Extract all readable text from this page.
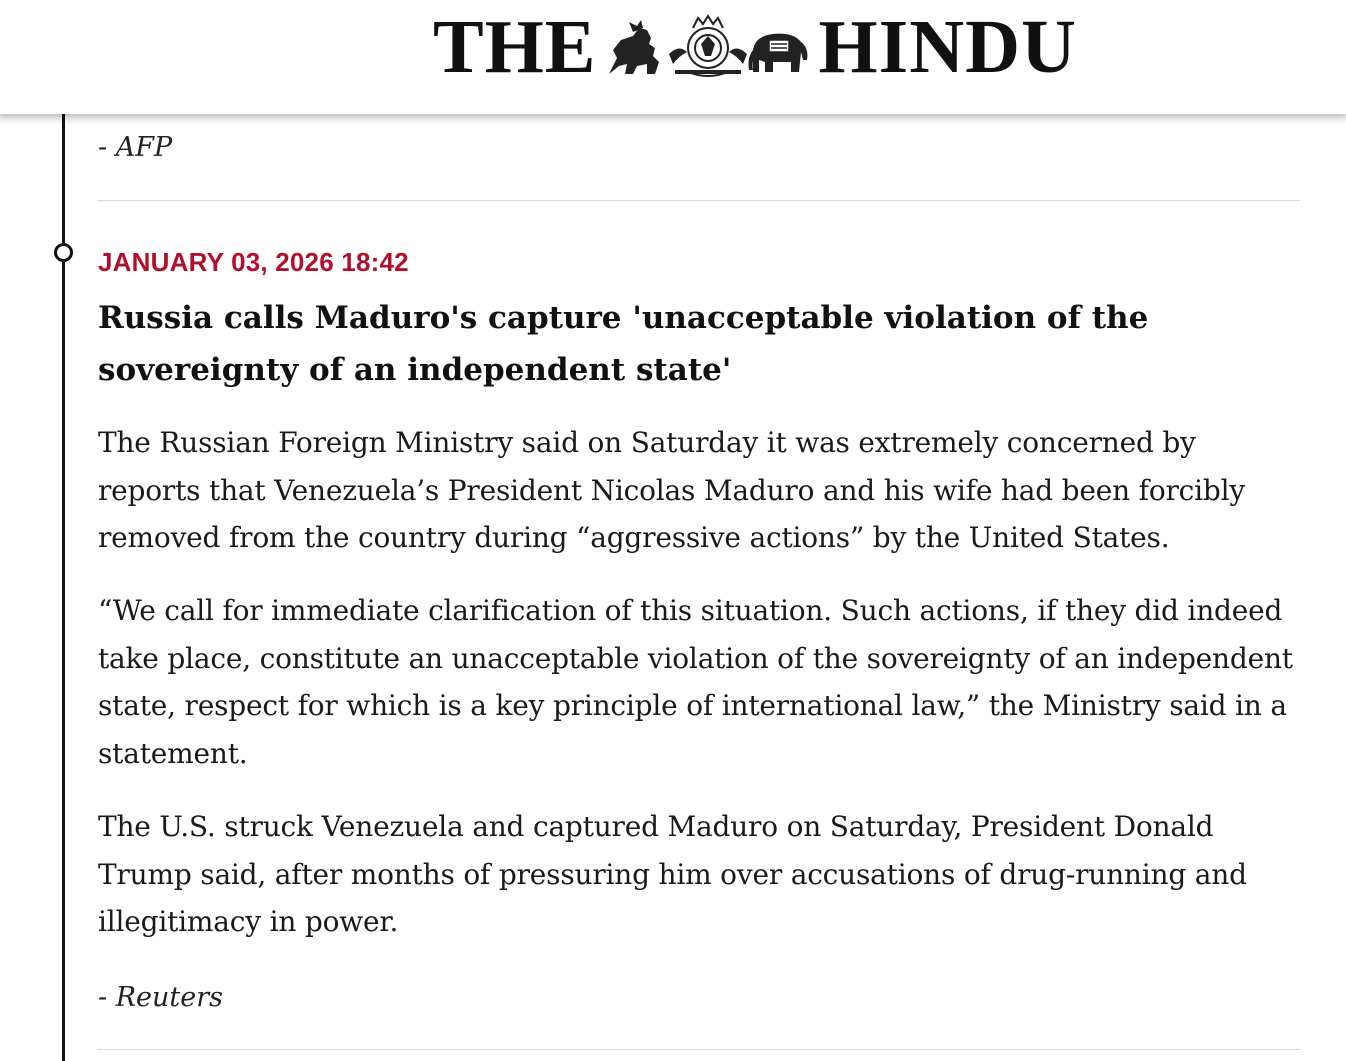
THE	HINDU

- AFP

JANUARY 03, 2026 18:42

Russia calls Maduro's capture 'unacceptable violation of the sovereignty of an independent state'

The Russian Foreign Ministry said on Saturday it was extremely concerned by reports that Venezuela’s President Nicolas Maduro and his wife had been forcibly removed from the country during “aggressive actions” by the United States.

“We call for immediate clarification of this situation. Such actions, if they did indeed take place, constitute an unacceptable violation of the sovereignty of an independent state, respect for which is a key principle of international law,” the Ministry said in a statement.

The U.S. struck Venezuela and captured Maduro on Saturday, President Donald Trump said, after months of pressuring him over accusations of drug-running and illegitimacy in power.

- Reuters
